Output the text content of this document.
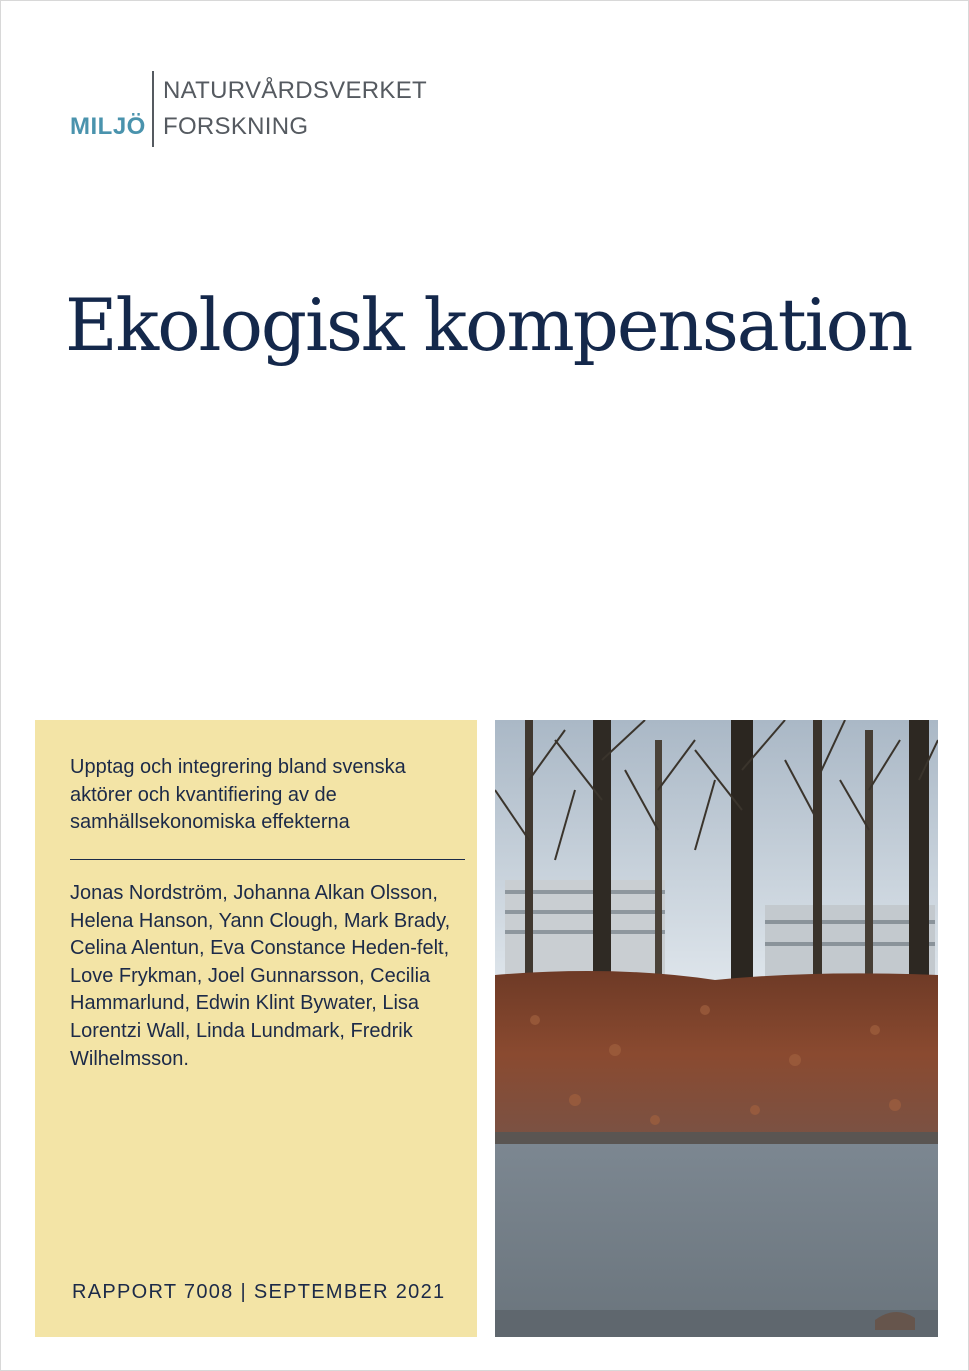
MILJÖ
NATURVÅRDSVERKET
FORSKNING
Ekologisk kompensation

Upptag och integrering bland svenska aktörer och kvantifiering av de samhällsekonomiska effekterna

Jonas Nordström, Johanna Alkan Olsson, Helena Hanson, Yann Clough, Mark Brady, Celina Alentun, Eva Constance Heden-felt, Love Frykman, Joel Gunnarsson, Cecilia Hammarlund, Edwin Klint Bywater, Lisa Lorentzi Wall, Linda Lundmark, Fredrik Wilhelmsson.

RAPPORT 7008 | SEPTEMBER 2021
